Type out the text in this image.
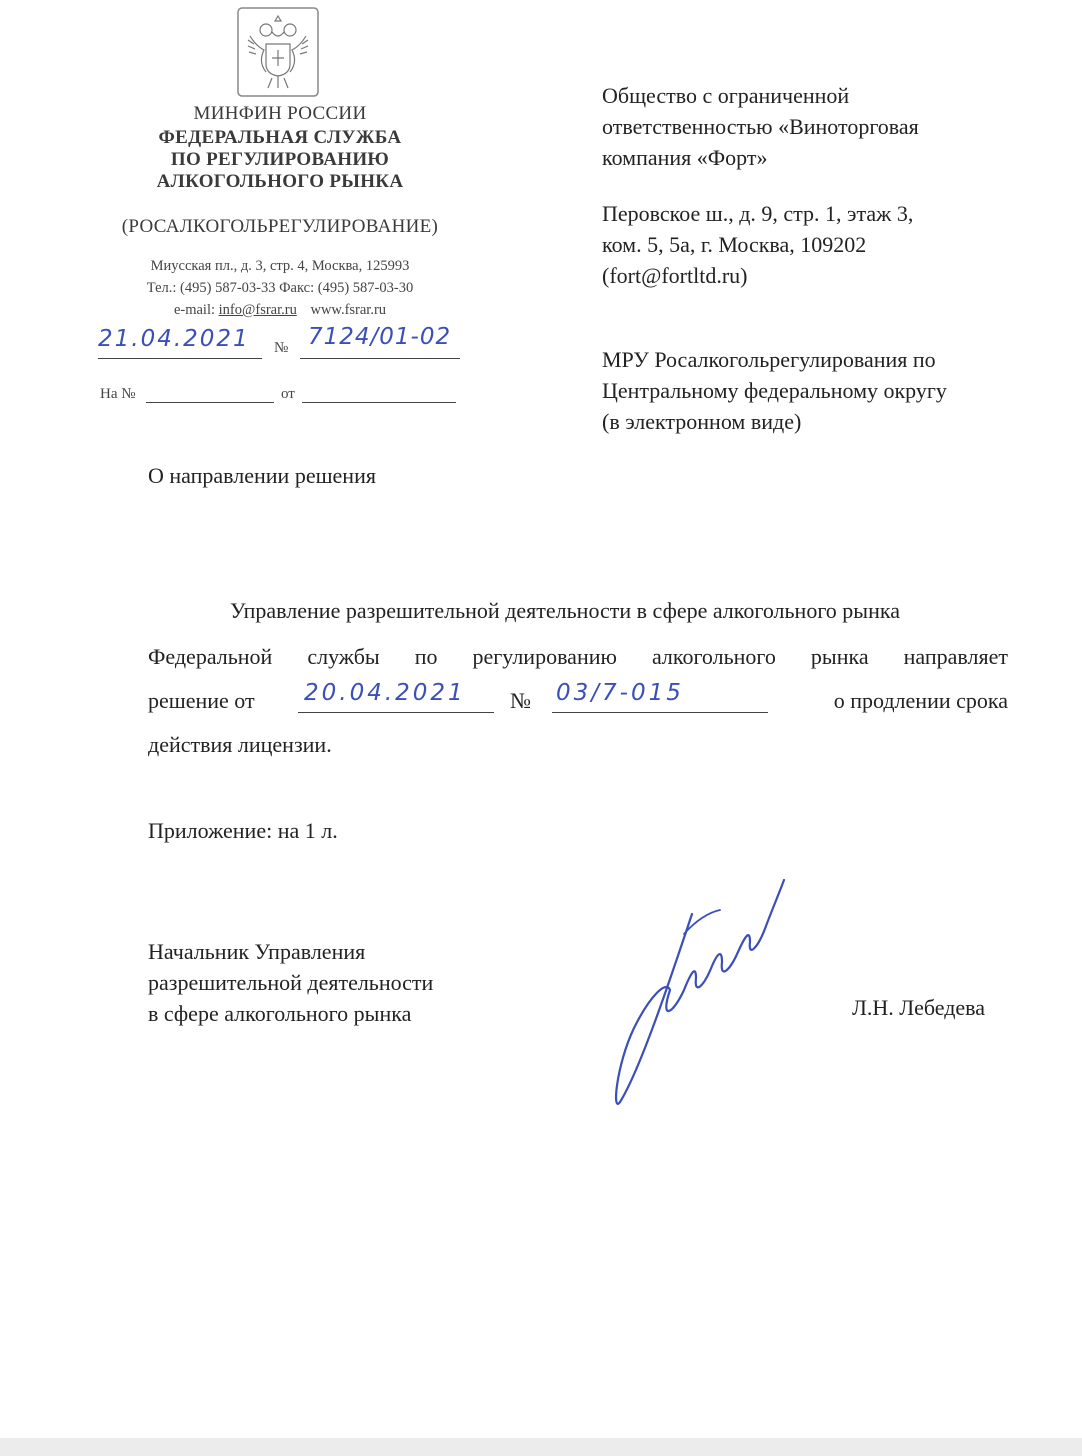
МИНФИН РОССИИ
ФЕДЕРАЛЬНАЯ СЛУЖБА
ПО РЕГУЛИРОВАНИЮ
АЛКОГОЛЬНОГО РЫНКА
(РОСАЛКОГОЛЬРЕГУЛИРОВАНИЕ)
Миусская пл., д. 3, стр. 4, Москва, 125993
Тел.: (495) 587-03-33 Факс: (495) 587-03-30
e-mail: info@fsrar.ru www.fsrar.ru
21.04.2021 № 7124/01-02
На №	от
Общество с ограниченной
ответственностью «Виноторговая
компания «Форт»
Перовское ш., д. 9, стр. 1, этаж 3,
ком. 5, 5а, г. Москва, 109202
(fort@fortltd.ru)
МРУ Росалкогольрегулирования по
Центральному федеральному округу
(в электронном виде)
О направлении решения
Управление разрешительной деятельности в сфере алкогольного рынка
Федеральной службы по регулированию алкогольного рынка направляет
решение от 20.04.2021 № 03/7-015	о продлении срока
действия лицензии.
Приложение: на 1 л.
Начальник Управления
разрешительной деятельности
в сфере алкогольного рынка	Л.Н. Лебедева
